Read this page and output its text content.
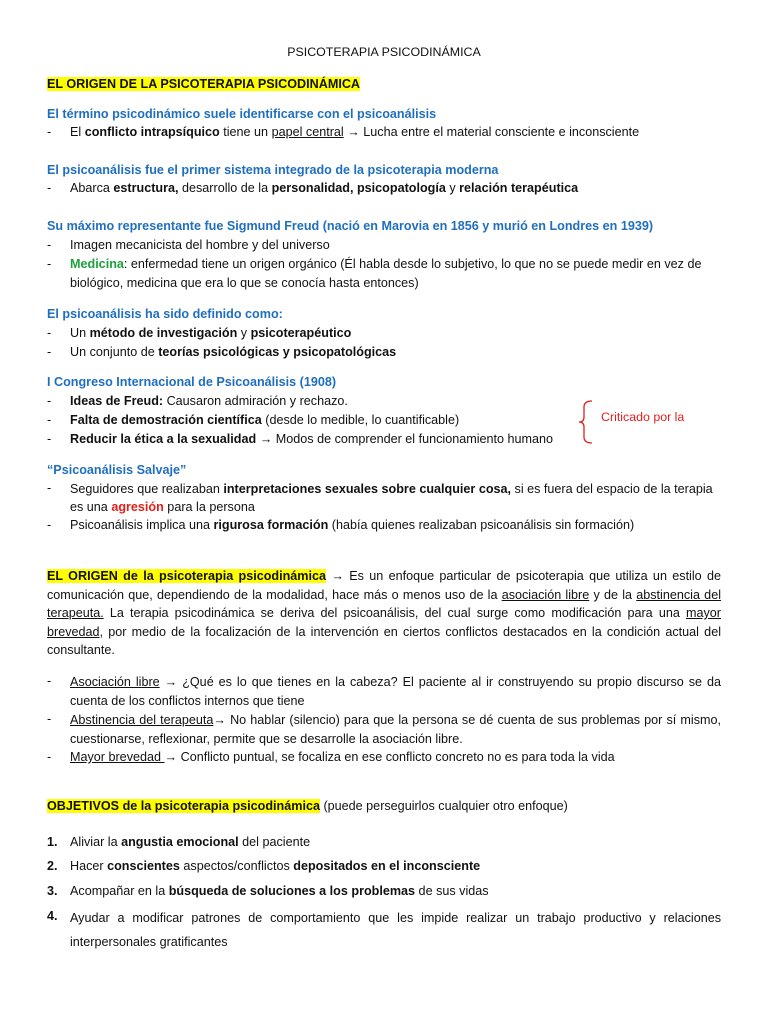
PSICOTERAPIA PSICODINÁMICA
EL ORIGEN DE LA PSICOTERAPIA PSICODINÁMICA
El término psicodinámico suele identificarse con el psicoanálisis
- El conflicto intrapsíquico tiene un papel central → Lucha entre el material consciente e inconsciente
El psicoanálisis fue el primer sistema integrado de la psicoterapia moderna
- Abarca estructura, desarrollo de la personalidad, psicopatología y relación terapéutica
Su máximo representante fue Sigmund Freud (nació en Marovia en 1856 y murió en Londres en 1939)
- Imagen mecanicista del hombre y del universo
- Medicina: enfermedad tiene un origen orgánico (Él habla desde lo subjetivo, lo que no se puede medir en vez de
biológico, medicina que era lo que se conocía hasta entonces)
El psicoanálisis ha sido definido como:
- Un método de investigación y psicoterapéutico
- Un conjunto de teorías psicológicas y psicopatológicas
I Congreso Internacional de Psicoanálisis (1908)
- Ideas de Freud: Causaron admiración y rechazo.
- Falta de demostración científica (desde lo medible, lo cuantificable)
- Reducir la ética a la sexualidad → Modos de comprender el funcionamiento humano
Criticado por la
“Psicoanálisis Salvaje”
- Seguidores que realizaban interpretaciones sexuales sobre cualquier cosa, si es fuera del espacio de la terapia
es una agresión para la persona
- Psicoanálisis implica una rigurosa formación (había quienes realizaban psicoanálisis sin formación)
EL ORIGEN de la psicoterapia psicodinámica → Es un enfoque particular de psicoterapia que utiliza un estilo de comunicación que, dependiendo de la modalidad, hace más o menos uso de la asociación libre y de la abstinencia del terapeuta. La terapia psicodinámica se deriva del psicoanálisis, del cual surge como modificación para una mayor brevedad, por medio de la focalización de la intervención en ciertos conflictos destacados en la condición actual del consultante.
- Asociación libre → ¿Qué es lo que tienes en la cabeza? El paciente al ir construyendo su propio discurso se da cuenta de los conflictos internos que tiene
- Abstinencia del terapeuta→ No hablar (silencio) para que la persona se dé cuenta de sus problemas por sí mismo, cuestionarse, reflexionar, permite que se desarrolle la asociación libre.
- Mayor brevedad → Conflicto puntual, se focaliza en ese conflicto concreto no es para toda la vida
OBJETIVOS de la psicoterapia psicodinámica (puede perseguirlos cualquier otro enfoque)
1. Aliviar la angustia emocional del paciente
2. Hacer conscientes aspectos/conflictos depositados en el inconsciente
3. Acompañar en la búsqueda de soluciones a los problemas de sus vidas
4. Ayudar a modificar patrones de comportamiento que les impide realizar un trabajo productivo y relaciones interpersonales gratificantes
